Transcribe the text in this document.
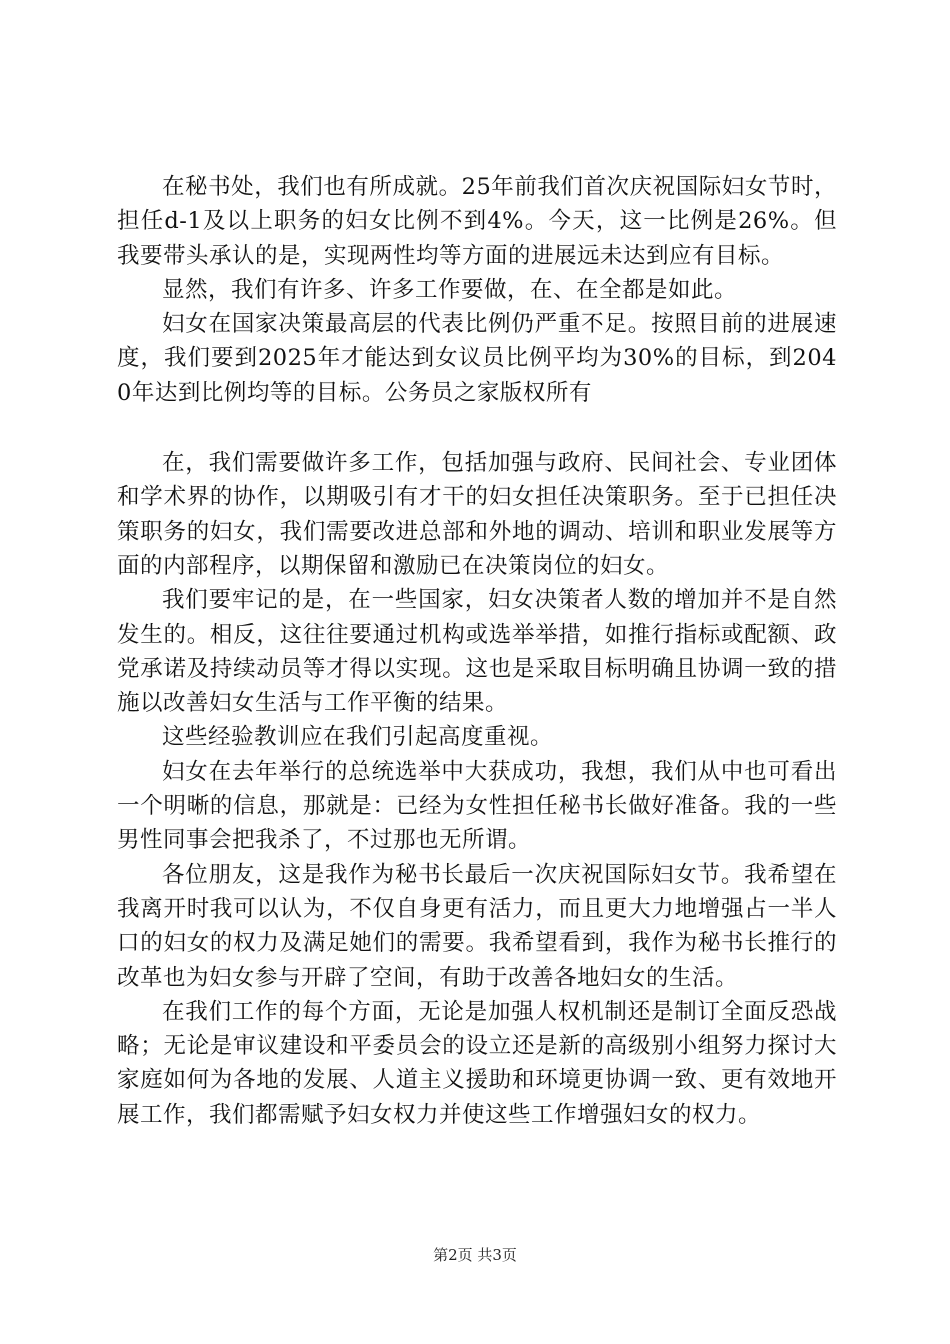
在秘书处，我们也有所成就。25年前我们首次庆祝国际妇女节时，担任d-1及以上职务的妇女比例不到4%。今天，这一比例是26%。但我要带头承认的是，实现两性均等方面的进展远未达到应有目标。

显然，我们有许多、许多工作要做，在、在全都是如此。

妇女在国家决策最高层的代表比例仍严重不足。按照目前的进展速度，我们要到2025年才能达到女议员比例平均为30%的目标，到2040年达到比例均等的目标。公务员之家版权所有

在，我们需要做许多工作，包括加强与政府、民间社会、专业团体和学术界的协作，以期吸引有才干的妇女担任决策职务。至于已担任决策职务的妇女，我们需要改进总部和外地的调动、培训和职业发展等方面的内部程序，以期保留和激励已在决策岗位的妇女。

我们要牢记的是，在一些国家，妇女决策者人数的增加并不是自然发生的。相反，这往往要通过机构或选举举措，如推行指标或配额、政党承诺及持续动员等才得以实现。这也是采取目标明确且协调一致的措施以改善妇女生活与工作平衡的结果。

这些经验教训应在我们引起高度重视。

妇女在去年举行的总统选举中大获成功，我想，我们从中也可看出一个明晰的信息，那就是：已经为女性担任秘书长做好准备。我的一些男性同事会把我杀了，不过那也无所谓。

各位朋友，这是我作为秘书长最后一次庆祝国际妇女节。我希望在我离开时我可以认为，不仅自身更有活力，而且更大力地增强占一半人口的妇女的权力及满足她们的需要。我希望看到，我作为秘书长推行的改革也为妇女参与开辟了空间，有助于改善各地妇女的生活。

在我们工作的每个方面，无论是加强人权机制还是制订全面反恐战略；无论是审议建设和平委员会的设立还是新的高级别小组努力探讨大家庭如何为各地的发展、人道主义援助和环境更协调一致、更有效地开展工作，我们都需赋予妇女权力并使这些工作增强妇女的权力。

第2页 共3页
